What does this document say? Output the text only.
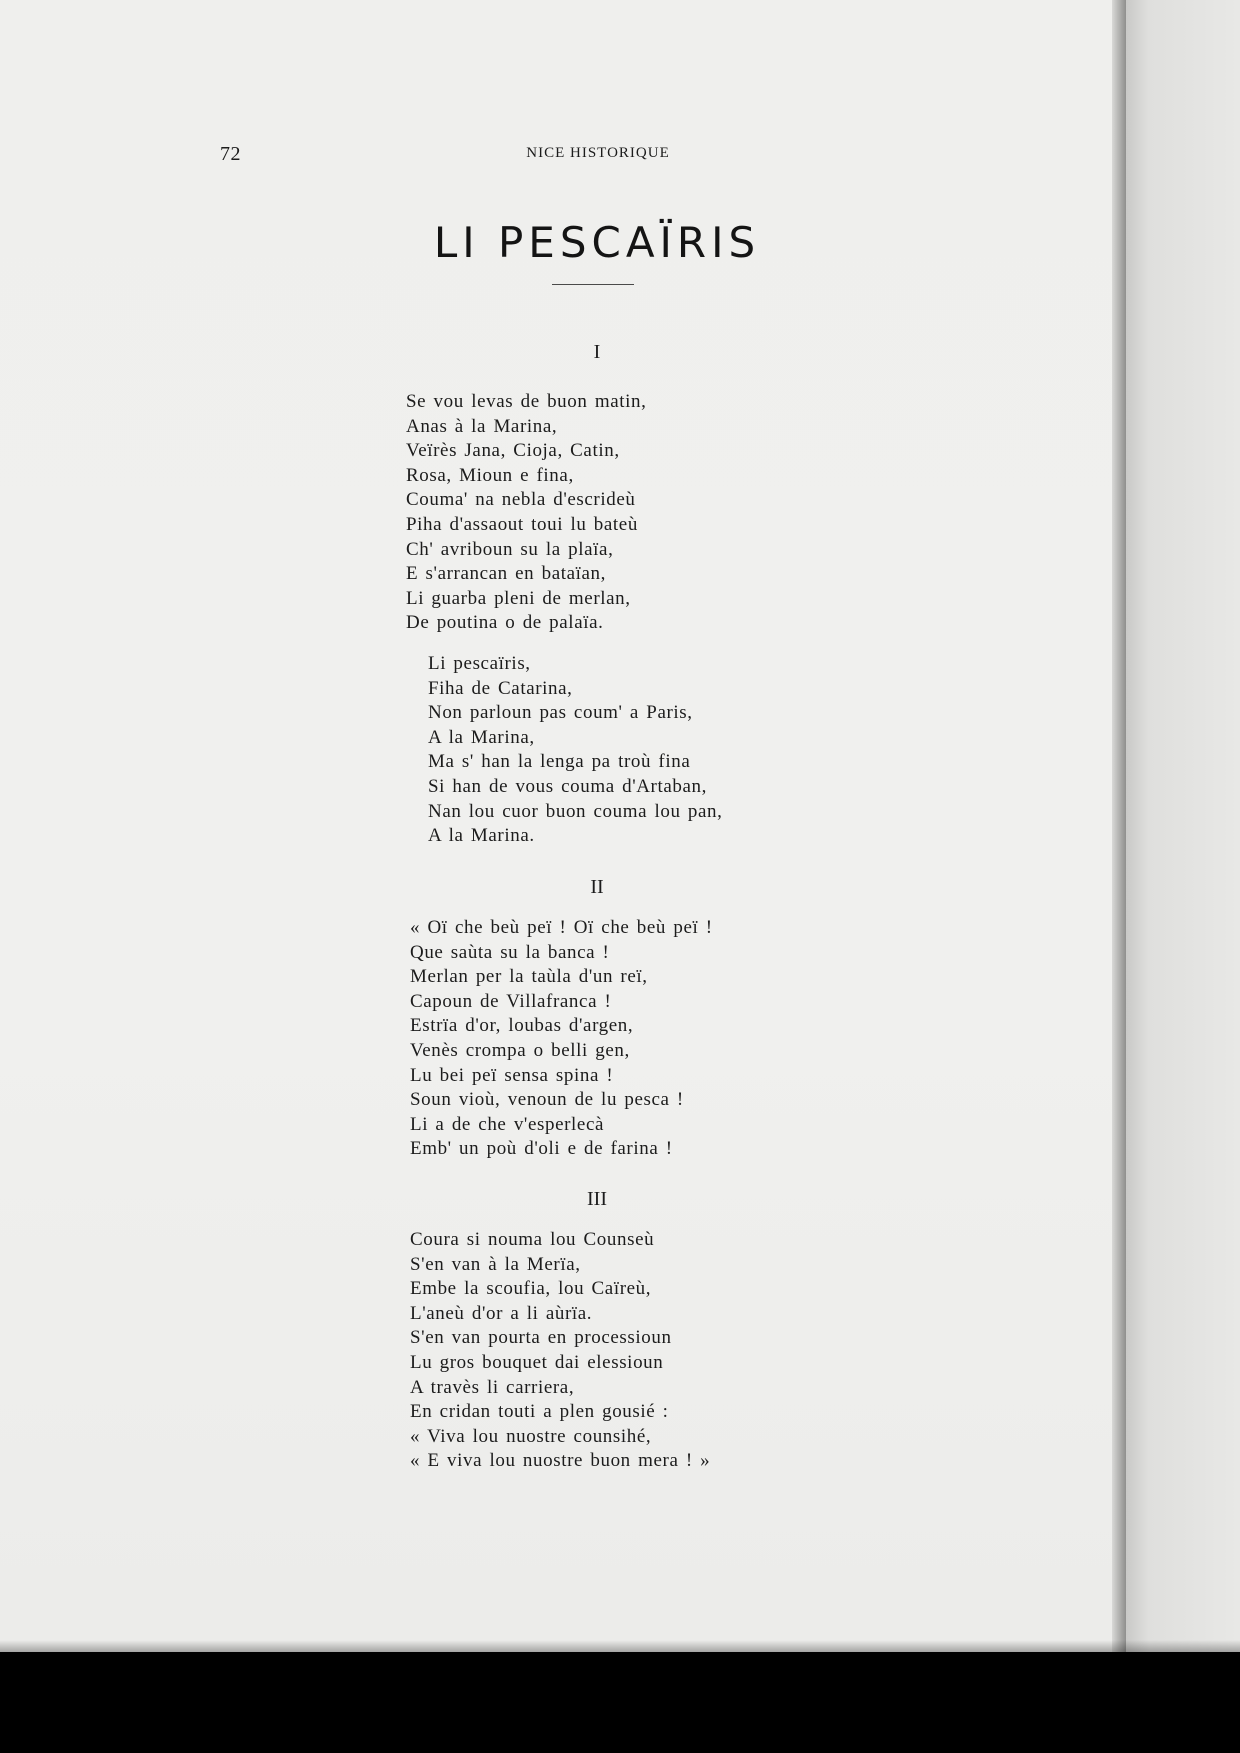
72	NICE HISTORIQUE
LI PESCAÏRIS
I
Se vou levas de buon matin,
Anas à la Marina,
Veïrès Jana, Cioja, Catin,
Rosa, Mioun e fina,
Couma' na nebla d'escrideù
Piha d'assaout toui lu bateù
Ch' avriboun su la plaïa,
E s'arrancan en bataïan,
Li guarba pleni de merlan,
De poutina o de palaïa.
Li pescaïris,
Fiha de Catarina,
Non parloun pas coum' a Paris,
A la Marina,
Ma s' han la lenga pa troù fina
Si han de vous couma d'Artaban,
Nan lou cuor buon couma lou pan,
A la Marina.
II
« Oï che beù peï ! Oï che beù peï !
Que saùta su la banca !
Merlan per la taùla d'un reï,
Capoun de Villafranca !
Estrïa d'or, loubas d'argen,
Venès crompa o belli gen,
Lu bei peï sensa spina !
Soun vioù, venoun de lu pesca !
Li a de che v'esperlecà
Emb' un poù d'oli e de farina !
III
Coura si nouma lou Counseù
S'en van à la Merïa,
Embe la scoufia, lou Caïreù,
L'aneù d'or a li aùrïa.
S'en van pourta en processioun
Lu gros bouquet dai elessioun
A travès li carriera,
En cridan touti a plen gousié :
« Viva lou nuostre counsihé,
« E viva lou nuostre buon mera ! »
